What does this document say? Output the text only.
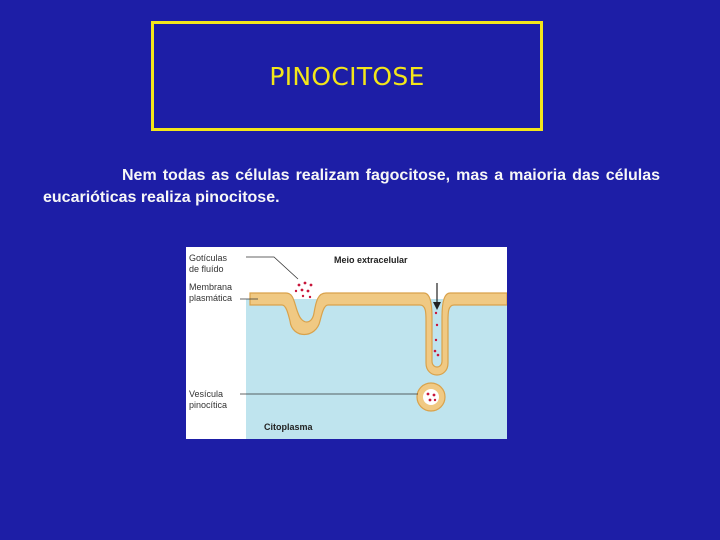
PINOCITOSE
Nem todas as células realizam fagocitose, mas a maioria das células eucarióticas realiza pinocitose.
Gotículas
de fluído
Membrana
plasmática
Vesícula
pinocítica
Meio extracelular
Citoplasma
